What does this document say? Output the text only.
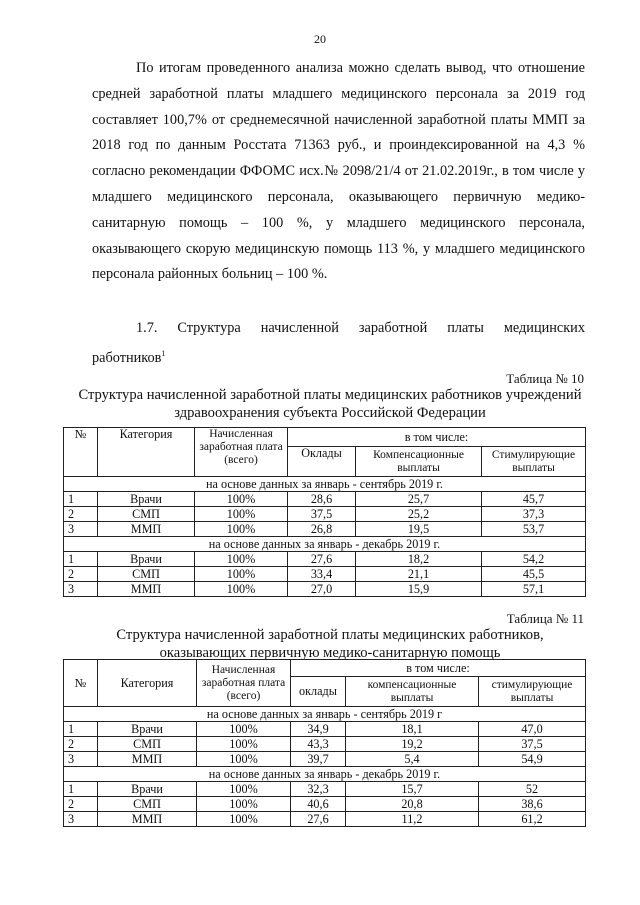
20
По итогам проведенного анализа можно сделать вывод, что отношение средней заработной платы младшего медицинского персонала за 2019 год составляет 100,7% от среднемесячной начисленной заработной платы ММП за 2018 год по данным Росстата 71363 руб., и проиндексированной на 4,3 % согласно рекомендации ФФОМС исх.№ 2098/21/4 от 21.02.2019г., в том числе у младшего медицинского персонала, оказывающего первичную медико-санитарную помощь – 100 %, у младшего медицинского персонала, оказывающего скорую медицинскую помощь 113 %, у младшего медицинского персонала районных больниц – 100 %.
1.7. Структура начисленной заработной платы медицинских
работников$^1$
Таблица № 10
Структура начисленной заработной платы медицинских работников учреждений
здравоохранения субъекта Российской Федерации
№	Категория	Начисленная заработная плата (всего)	в том числе:		
			Оклады	Компенсационные выплаты	Стимулирующие выплаты
на основе данных за январь - сентябрь 2019 г.					
1	Врачи	100%	28,6	25,7	45,7
2	СМП	100%	37,5	25,2	37,3
3	ММП	100%	26,8	19,5	53,7
на основе данных за январь - декабрь 2019 г.					
1	Врачи	100%	27,6	18,2	54,2
2	СМП	100%	33,4	21,1	45,5
3	ММП	100%	27,0	15,9	57,1
Таблица № 11
Структура начисленной заработной платы медицинских работников,
оказывающих первичную медико-санитарную помощь
№	Категория	Начисленная заработная плата (всего)	в том числе:		
			оклады	компенсационные выплаты	стимулирующие выплаты
на основе данных за январь - сентябрь 2019 г					
1	Врачи	100%	34,9	18,1	47,0
2	СМП	100%	43,3	19,2	37,5
3	ММП	100%	39,7	5,4	54,9
на основе данных за январь - декабрь 2019 г.					
1	Врачи	100%	32,3	15,7	52
2	СМП	100%	40,6	20,8	38,6
3	ММП	100%	27,6	11,2	61,2
